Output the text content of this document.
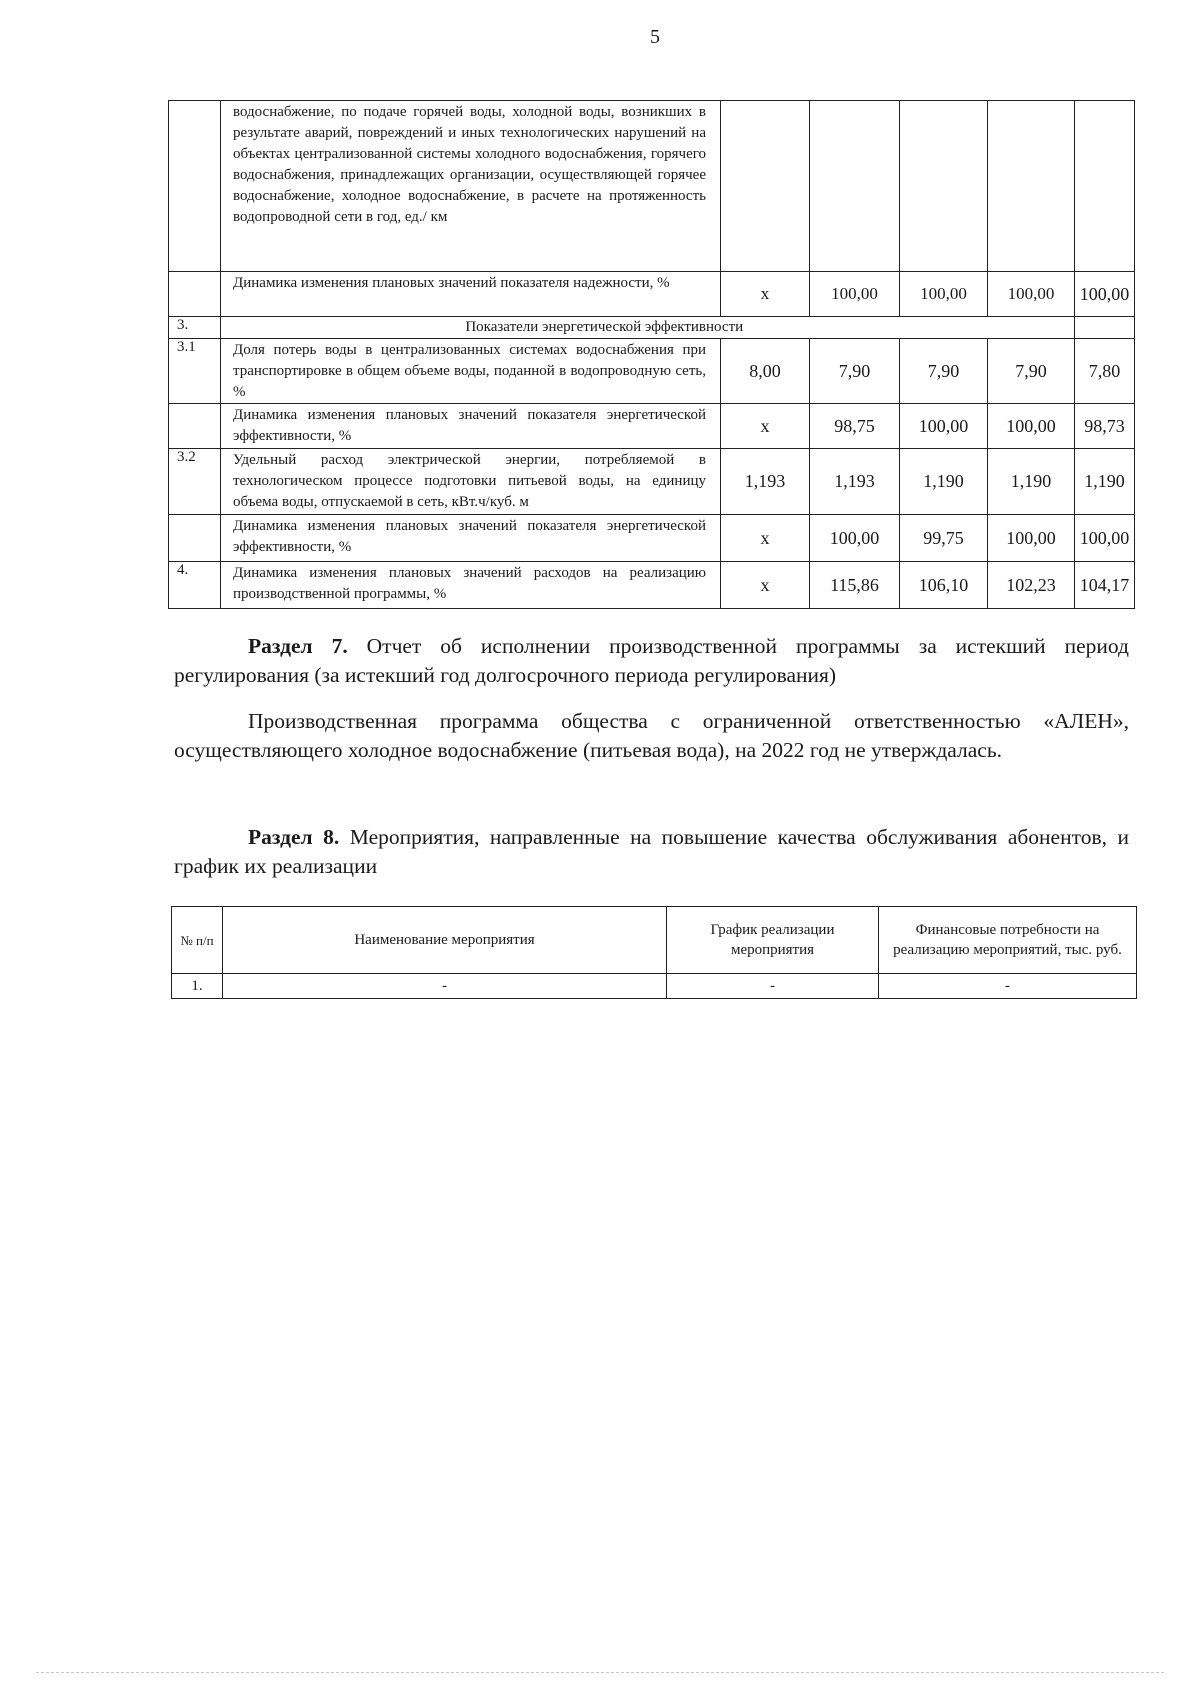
5
	водоснабжение, по подаче горячей воды, холодной воды, возникших в результате аварий, повреждений и иных технологических нарушений на объектах централизованной системы холодного водоснабжения, горячего водоснабжения, принадлежащих организации, осуществляющей горячее водоснабжение, холодное водоснабжение, в расчете на протяженность водопроводной сети в год, ед./ км					
	Динамика изменения плановых значений показателя надежности, %	х	100,00	100,00	100,00	100,00
3.	Показатели энергетической эффективности					
3.1	Доля потерь воды в централизованных системах водоснабжения при транспортировке в общем объеме воды, поданной в водопроводную сеть, %	8,00	7,90	7,90	7,90	7,80
	Динамика изменения плановых значений показателя энергетической эффективности, %	х	98,75	100,00	100,00	98,73
3.2	Удельный расход электрической энергии, потребляемой в технологическом процессе подготовки питьевой воды, на единицу объема воды, отпускаемой в сеть, кВт.ч/куб. м	1,193	1,193	1,190	1,190	1,190
	Динамика изменения плановых значений показателя энергетической эффективности, %	х	100,00	99,75	100,00	100,00
4.	Динамика изменения плановых значений расходов на реализацию производственной программы, %	х	115,86	106,10	102,23	104,17
Раздел 7. Отчет об исполнении производственной программы за истекший период регулирования (за истекший год долгосрочного периода регулирования)
Производственная программа общества с ограниченной ответственностью «АЛЕН», осуществляющего холодное водоснабжение (питьевая вода), на 2022 год не утверждалась.
Раздел 8. Мероприятия, направленные на повышение качества обслуживания абонентов, и график их реализации
№ п/п	Наименование мероприятия	График реализации мероприятия	Финансовые потребности на реализацию мероприятий, тыс. руб.
1.	-	-	-
